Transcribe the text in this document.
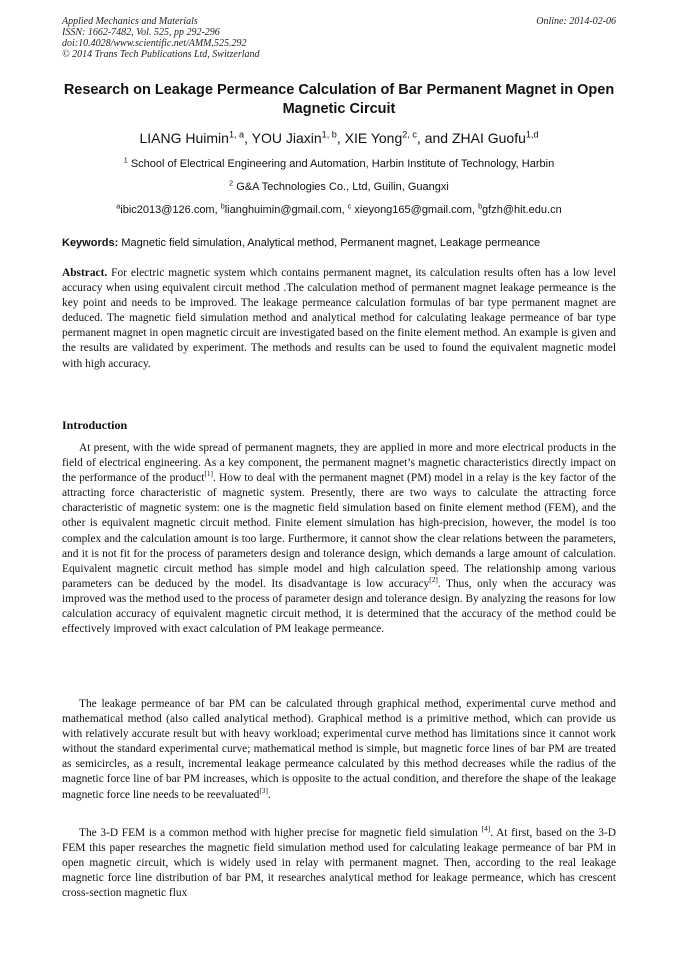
Applied Mechanics and Materials
ISSN: 1662-7482, Vol. 525, pp 292-296
doi:10.4028/www.scientific.net/AMM.525.292
© 2014 Trans Tech Publications Ltd, Switzerland
Online: 2014-02-06
Research on Leakage Permeance Calculation of Bar Permanent Magnet in Open Magnetic Circuit
LIANG Huimin$^{1, a}$, YOU Jiaxin$^{1, b}$, XIE Yong$^{2, c}$, and ZHAI Guofu$^{1,d}$
$^1$ School of Electrical Engineering and Automation, Harbin Institute of Technology, Harbin
$^2$ G&A Technologies Co., Ltd, Guilin, Guangxi
$^a$ibic2013@126.com, $^b$lianghuimin@gmail.com, $^c$ xieyong165@gmail.com, $^b$gfzh@hit.edu.cn
Keywords: Magnetic field simulation, Analytical method, Permanent magnet, Leakage permeance

Abstract. For electric magnetic system which contains permanent magnet, its calculation results often has a low level accuracy when using equivalent circuit method .The calculation method of permanent magnet leakage permeance is the key point and needs to be improved. The leakage permeance calculation formulas of bar type permanent magnet are deduced. The magnetic field simulation method and analytical method for calculating leakage permeance of bar type permanent magnet in open magnetic circuit are investigated based on the finite element method. An example is given and the results are validated by experiment. The methods and results can be used to found the equivalent magnetic model with high accuracy.

Introduction

At present, with the wide spread of permanent magnets, they are applied in more and more electrical products in the field of electrical engineering. As a key component, the permanent magnet’s magnetic characteristics directly impact on the performance of the product[1]. How to deal with the permanent magnet (PM) model in a relay is the key factor of the attracting force characteristic of magnetic system. Presently, there are two ways to calculate the attracting force characteristic of magnetic system: one is the magnetic field simulation based on finite element method (FEM), and the other is equivalent magnetic circuit method. Finite element simulation has high-precision, however, the model is too complex and the calculation amount is too large. Furthermore, it cannot show the clear relations between the parameters, and it is not fit for the process of parameters design and tolerance design, which demands a large amount of calculation. Equivalent magnetic circuit method has simple model and high calculation speed. The relationship among various parameters can be deduced by the model. Its disadvantage is low accuracy[2]. Thus, only when the accuracy was improved was the method used to the process of parameter design and tolerance design. By analyzing the reasons for low calculation accuracy of equivalent magnetic circuit method, it is determined that the accuracy of the method could be effectively improved with exact calculation of PM leakage permeance.

The leakage permeance of bar PM can be calculated through graphical method, experimental curve method and mathematical method (also called analytical method). Graphical method is a primitive method, which can provide us with relatively accurate result but with heavy workload; experimental curve method has limitations since it cannot work without the standard experimental curve; mathematical method is simple, but magnetic force lines of bar PM are treated as semicircles, as a result, incremental leakage permeance calculated by this method decreases while the radius of the magnetic force line of bar PM increases, which is opposite to the actual condition, and therefore the shape of the leakage magnetic force line needs to be reevaluated[3].

The 3-D FEM is a common method with higher precise for magnetic field simulation [4]. At first, based on the 3-D FEM this paper researches the magnetic field simulation method used for calculating leakage permeance of bar PM in open magnetic circuit, which is widely used in relay with permanent magnet. Then, according to the real leakage magnetic force line distribution of bar PM, it researches analytical method for leakage permeance, which has crescent cross-section magnetic flux
